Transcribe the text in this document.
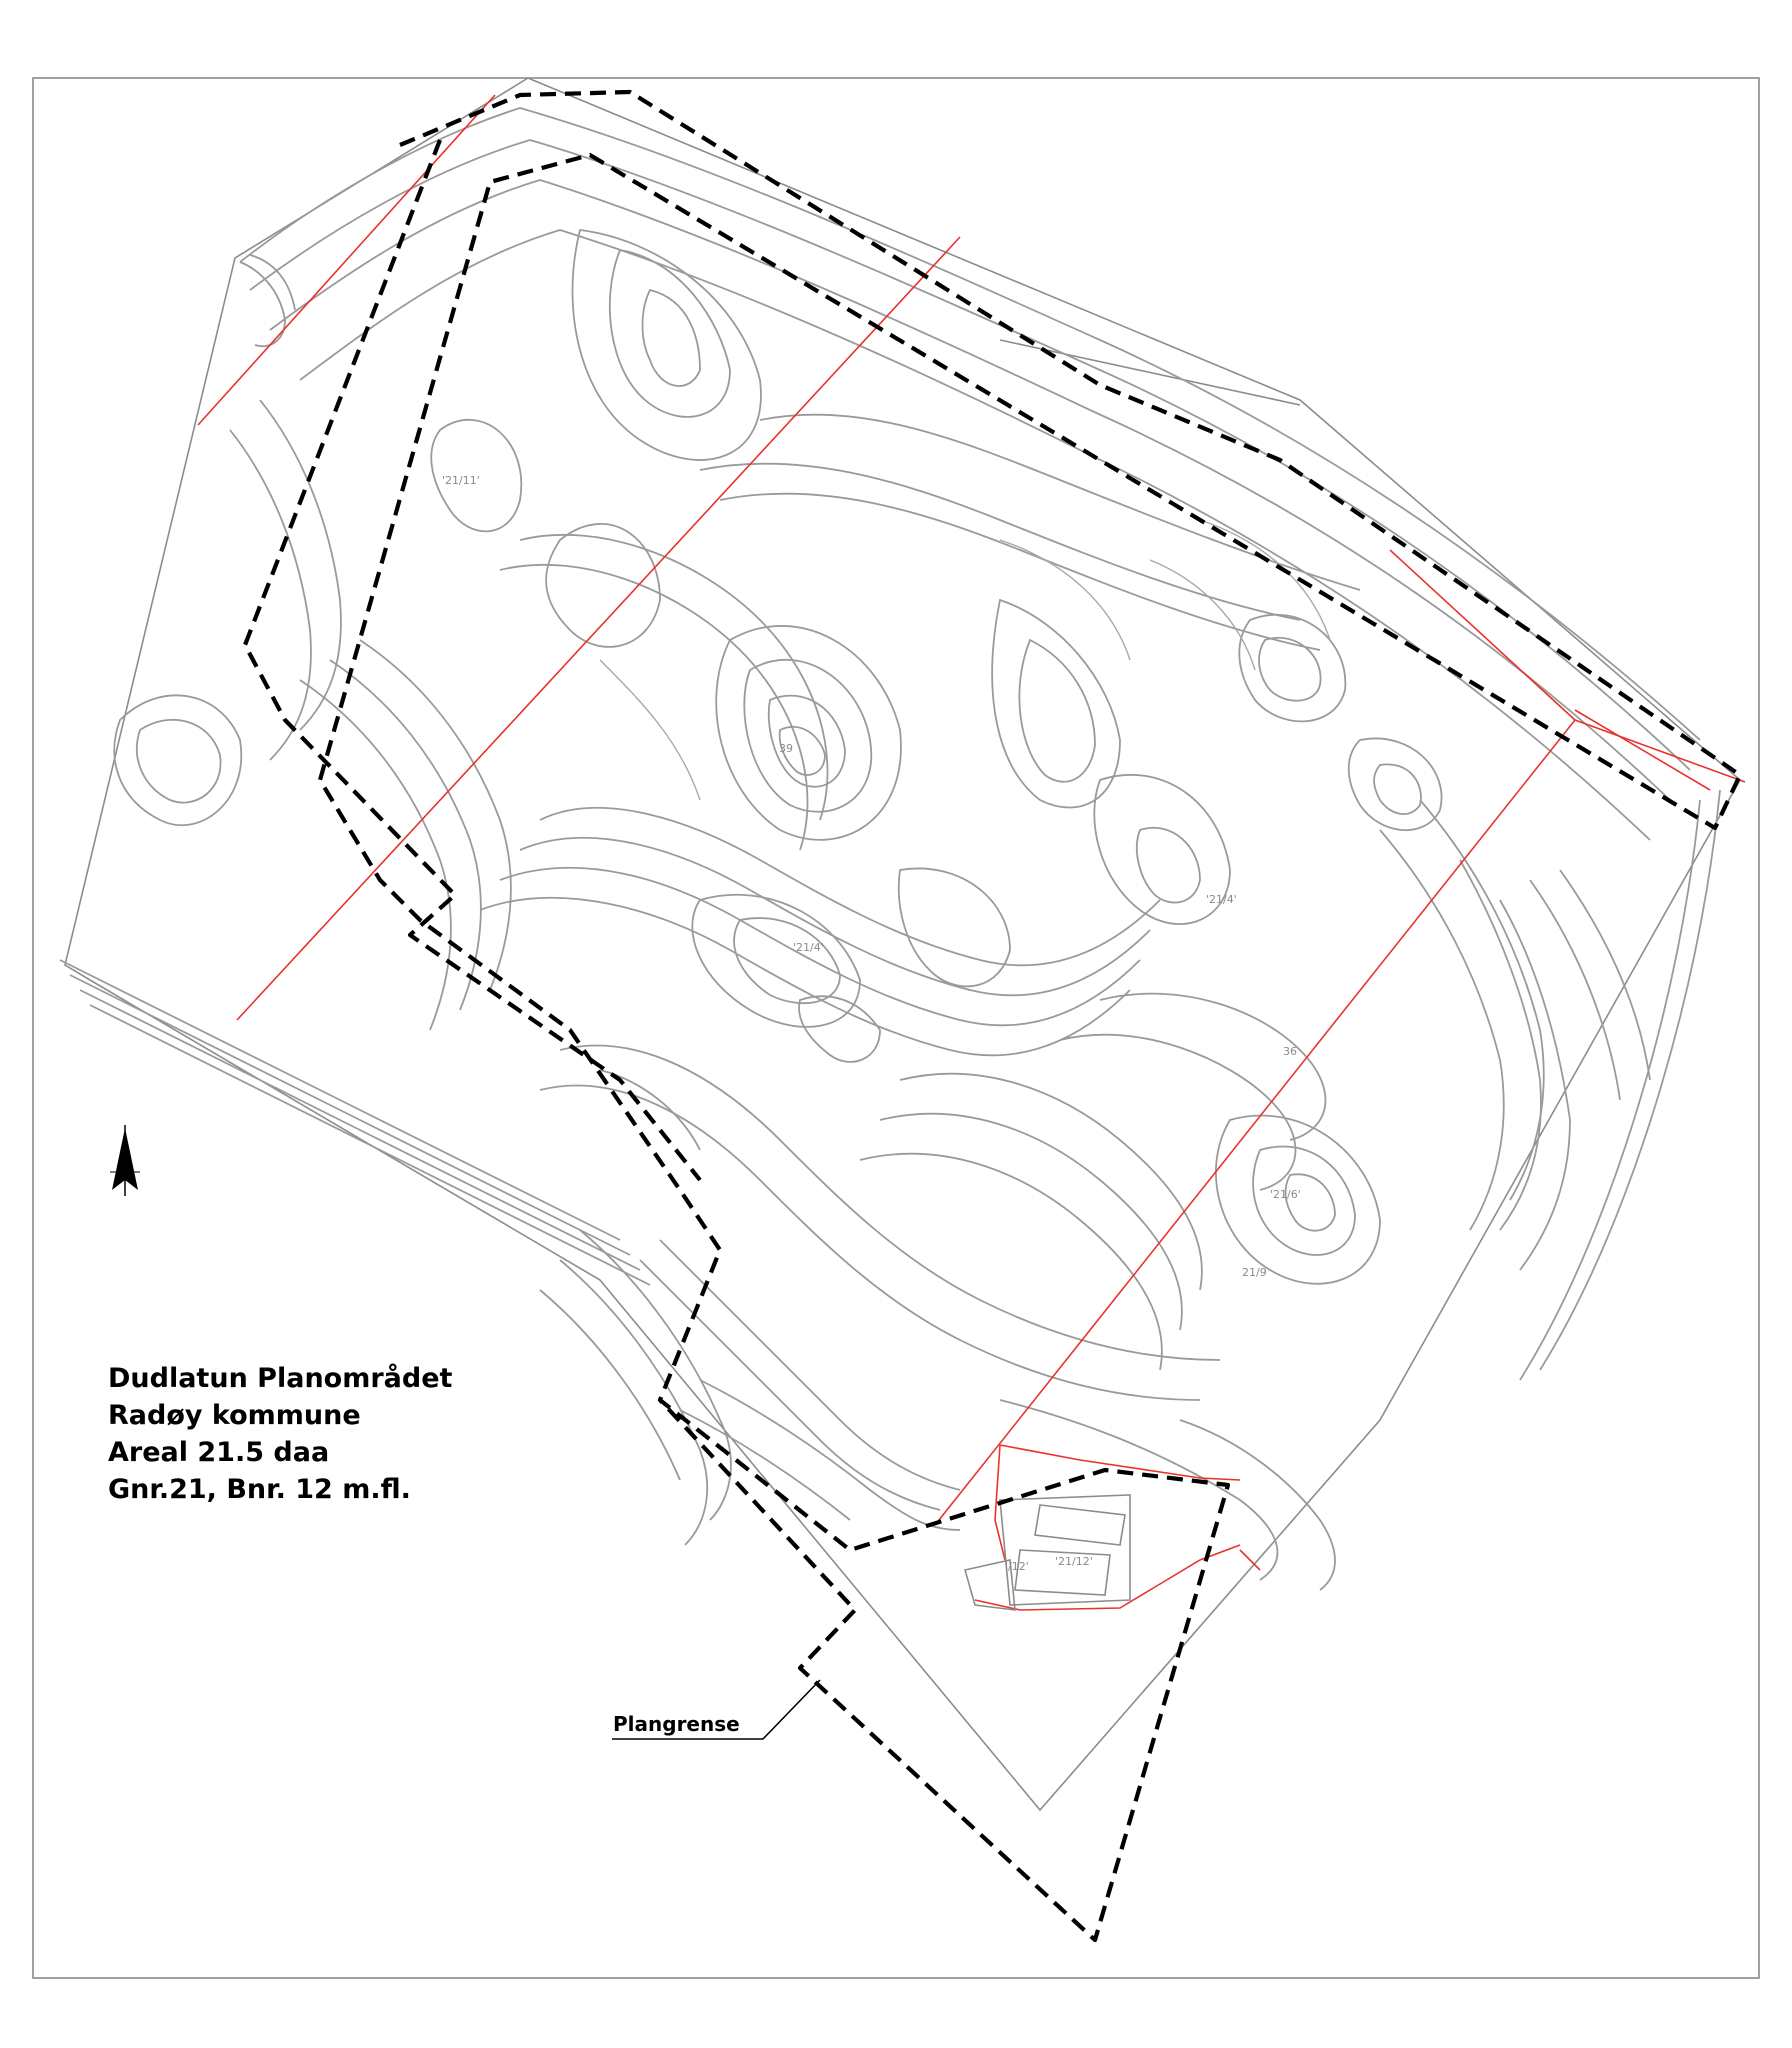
'21/11'
'21/4'
'21/4'
'21/6'
21/9
'21/12'
'/12'
39
36
Dudlatun Planområdet
Radøy kommune
Areal 21.5 daa
Gnr.21, Bnr. 12 m.fl.
Plangrense
